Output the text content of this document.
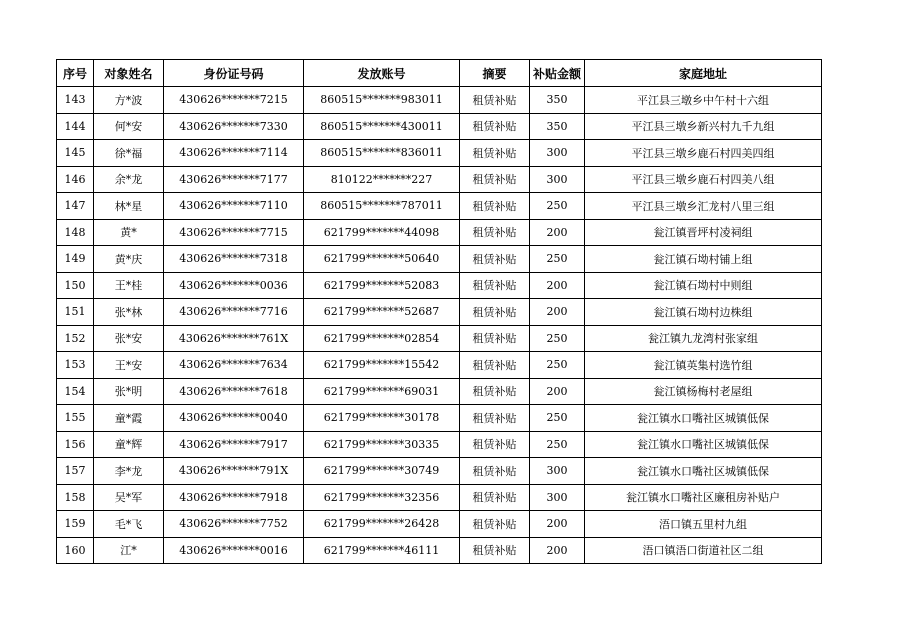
序号	对象姓名	身份证号码	发放账号	摘要	补贴金额	家庭地址
143	方*波	430626*******7215	860515*******983011	租赁补贴	350	平江县三墩乡中午村十六组
144	何*安	430626*******7330	860515*******430011	租赁补贴	350	平江县三墩乡新兴村九千九组
145	徐*福	430626*******7114	860515*******836011	租赁补贴	300	平江县三墩乡鹿石村四美四组
146	余*龙	430626*******7177	810122*******227	租赁补贴	300	平江县三墩乡鹿石村四美八组
147	林*星	430626*******7110	860515*******787011	租赁补贴	250	平江县三墩乡汇龙村八里三组
148	黄*	430626*******7715	621799*******44098	租赁补贴	200	瓮江镇晋坪村凌祠组
149	黄*庆	430626*******7318	621799*******50640	租赁补贴	250	瓮江镇石坳村铺上组
150	王*桂	430626*******0036	621799*******52083	租赁补贴	200	瓮江镇石坳村中则组
151	张*林	430626*******7716	621799*******52687	租赁补贴	200	瓮江镇石坳村边株组
152	张*安	430626*******761X	621799*******02854	租赁补贴	250	瓮江镇九龙湾村张家组
153	王*安	430626*******7634	621799*******15542	租赁补贴	250	瓮江镇英集村选竹组
154	张*明	430626*******7618	621799*******69031	租赁补贴	200	瓮江镇杨梅村老屋组
155	童*霞	430626*******0040	621799*******30178	租赁补贴	250	瓮江镇水口嘴社区城镇低保
156	童*辉	430626*******7917	621799*******30335	租赁补贴	250	瓮江镇水口嘴社区城镇低保
157	李*龙	430626*******791X	621799*******30749	租赁补贴	300	瓮江镇水口嘴社区城镇低保
158	吴*军	430626*******7918	621799*******32356	租赁补贴	300	瓮江镇水口嘴社区廉租房补贴户
159	毛*飞	430626*******7752	621799*******26428	租赁补贴	200	浯口镇五里村九组
160	江*	430626*******0016	621799*******46111	租赁补贴	200	浯口镇浯口街道社区二组
